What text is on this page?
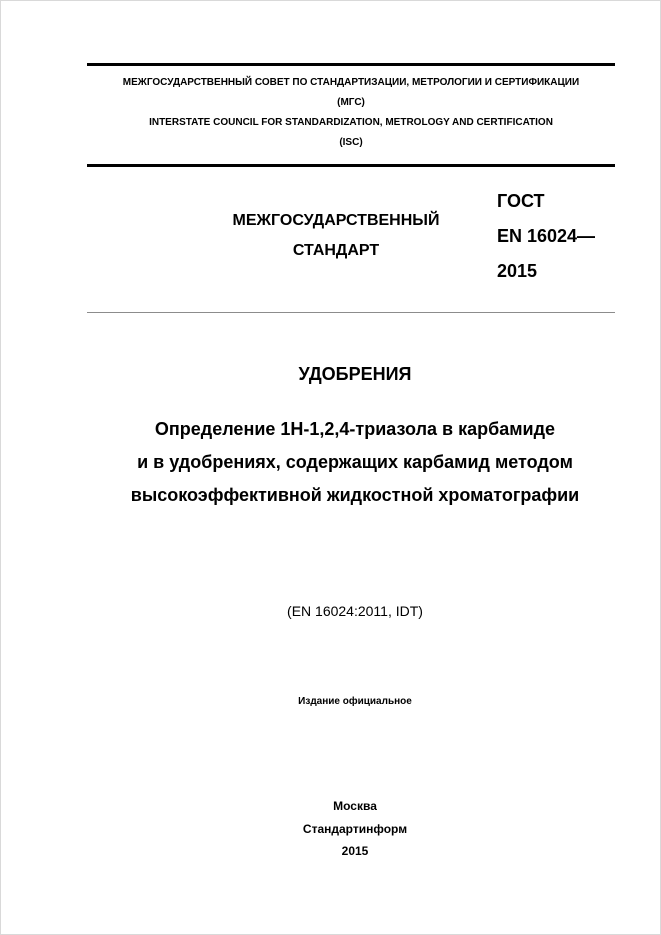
МЕЖГОСУДАРСТВЕННЫЙ СОВЕТ ПО СТАНДАРТИЗАЦИИ, МЕТРОЛОГИИ И СЕРТИФИКАЦИИ
(МГС)
INTERSTATE COUNCIL FOR STANDARDIZATION, METROLOGY AND CERTIFICATION
(ISC)
МЕЖГОСУДАРСТВЕННЫЙ
СТАНДАРТ
ГОСТ
EN 16024—
2015
УДОБРЕНИЯ
Определение 1Н-1,2,4-триазола в карбамиде
и в удобрениях, содержащих карбамид методом
высокоэффективной жидкостной хроматографии
(EN 16024:2011, IDT)
Издание официальное
Москва
Стандартинформ
2015
